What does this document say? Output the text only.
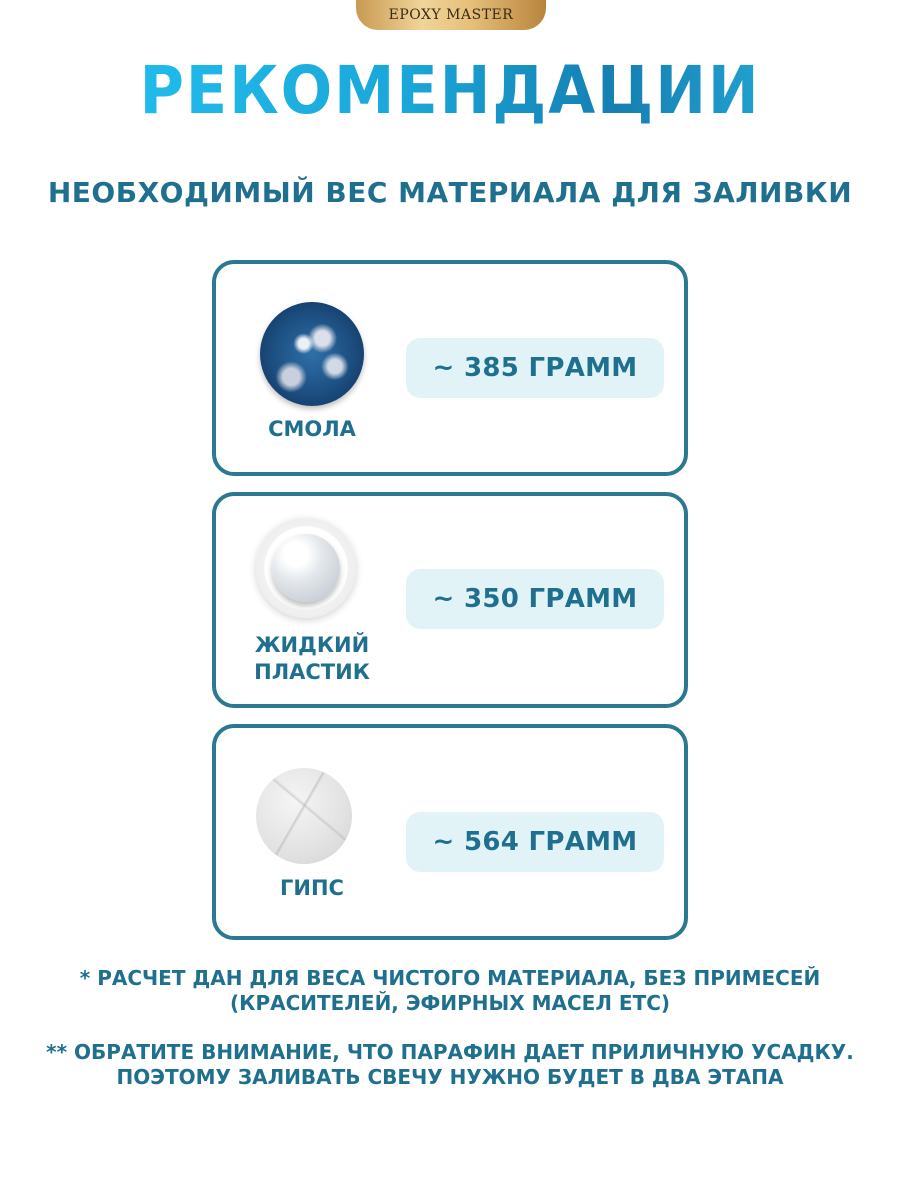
EPOXY MASTER
РЕКОМЕНДАЦИИ
НЕОБХОДИМЫЙ ВЕС МАТЕРИАЛА ДЛЯ ЗАЛИВКИ
СМОЛА
~ 385 ГРАММ
ЖИДКИЙ
ПЛАСТИК
~ 350 ГРАММ
ГИПС
~ 564 ГРАММ
* РАСЧЕТ ДАН ДЛЯ ВЕСА ЧИСТОГО МАТЕРИАЛА, БЕЗ ПРИМЕСЕЙ
(КРАСИТЕЛЕЙ, ЭФИРНЫХ МАСЕЛ ETC)
** ОБРАТИТЕ ВНИМАНИЕ, ЧТО ПАРАФИН ДАЕТ ПРИЛИЧНУЮ УСАДКУ.
ПОЭТОМУ ЗАЛИВАТЬ СВЕЧУ НУЖНО БУДЕТ В ДВА ЭТАПА
